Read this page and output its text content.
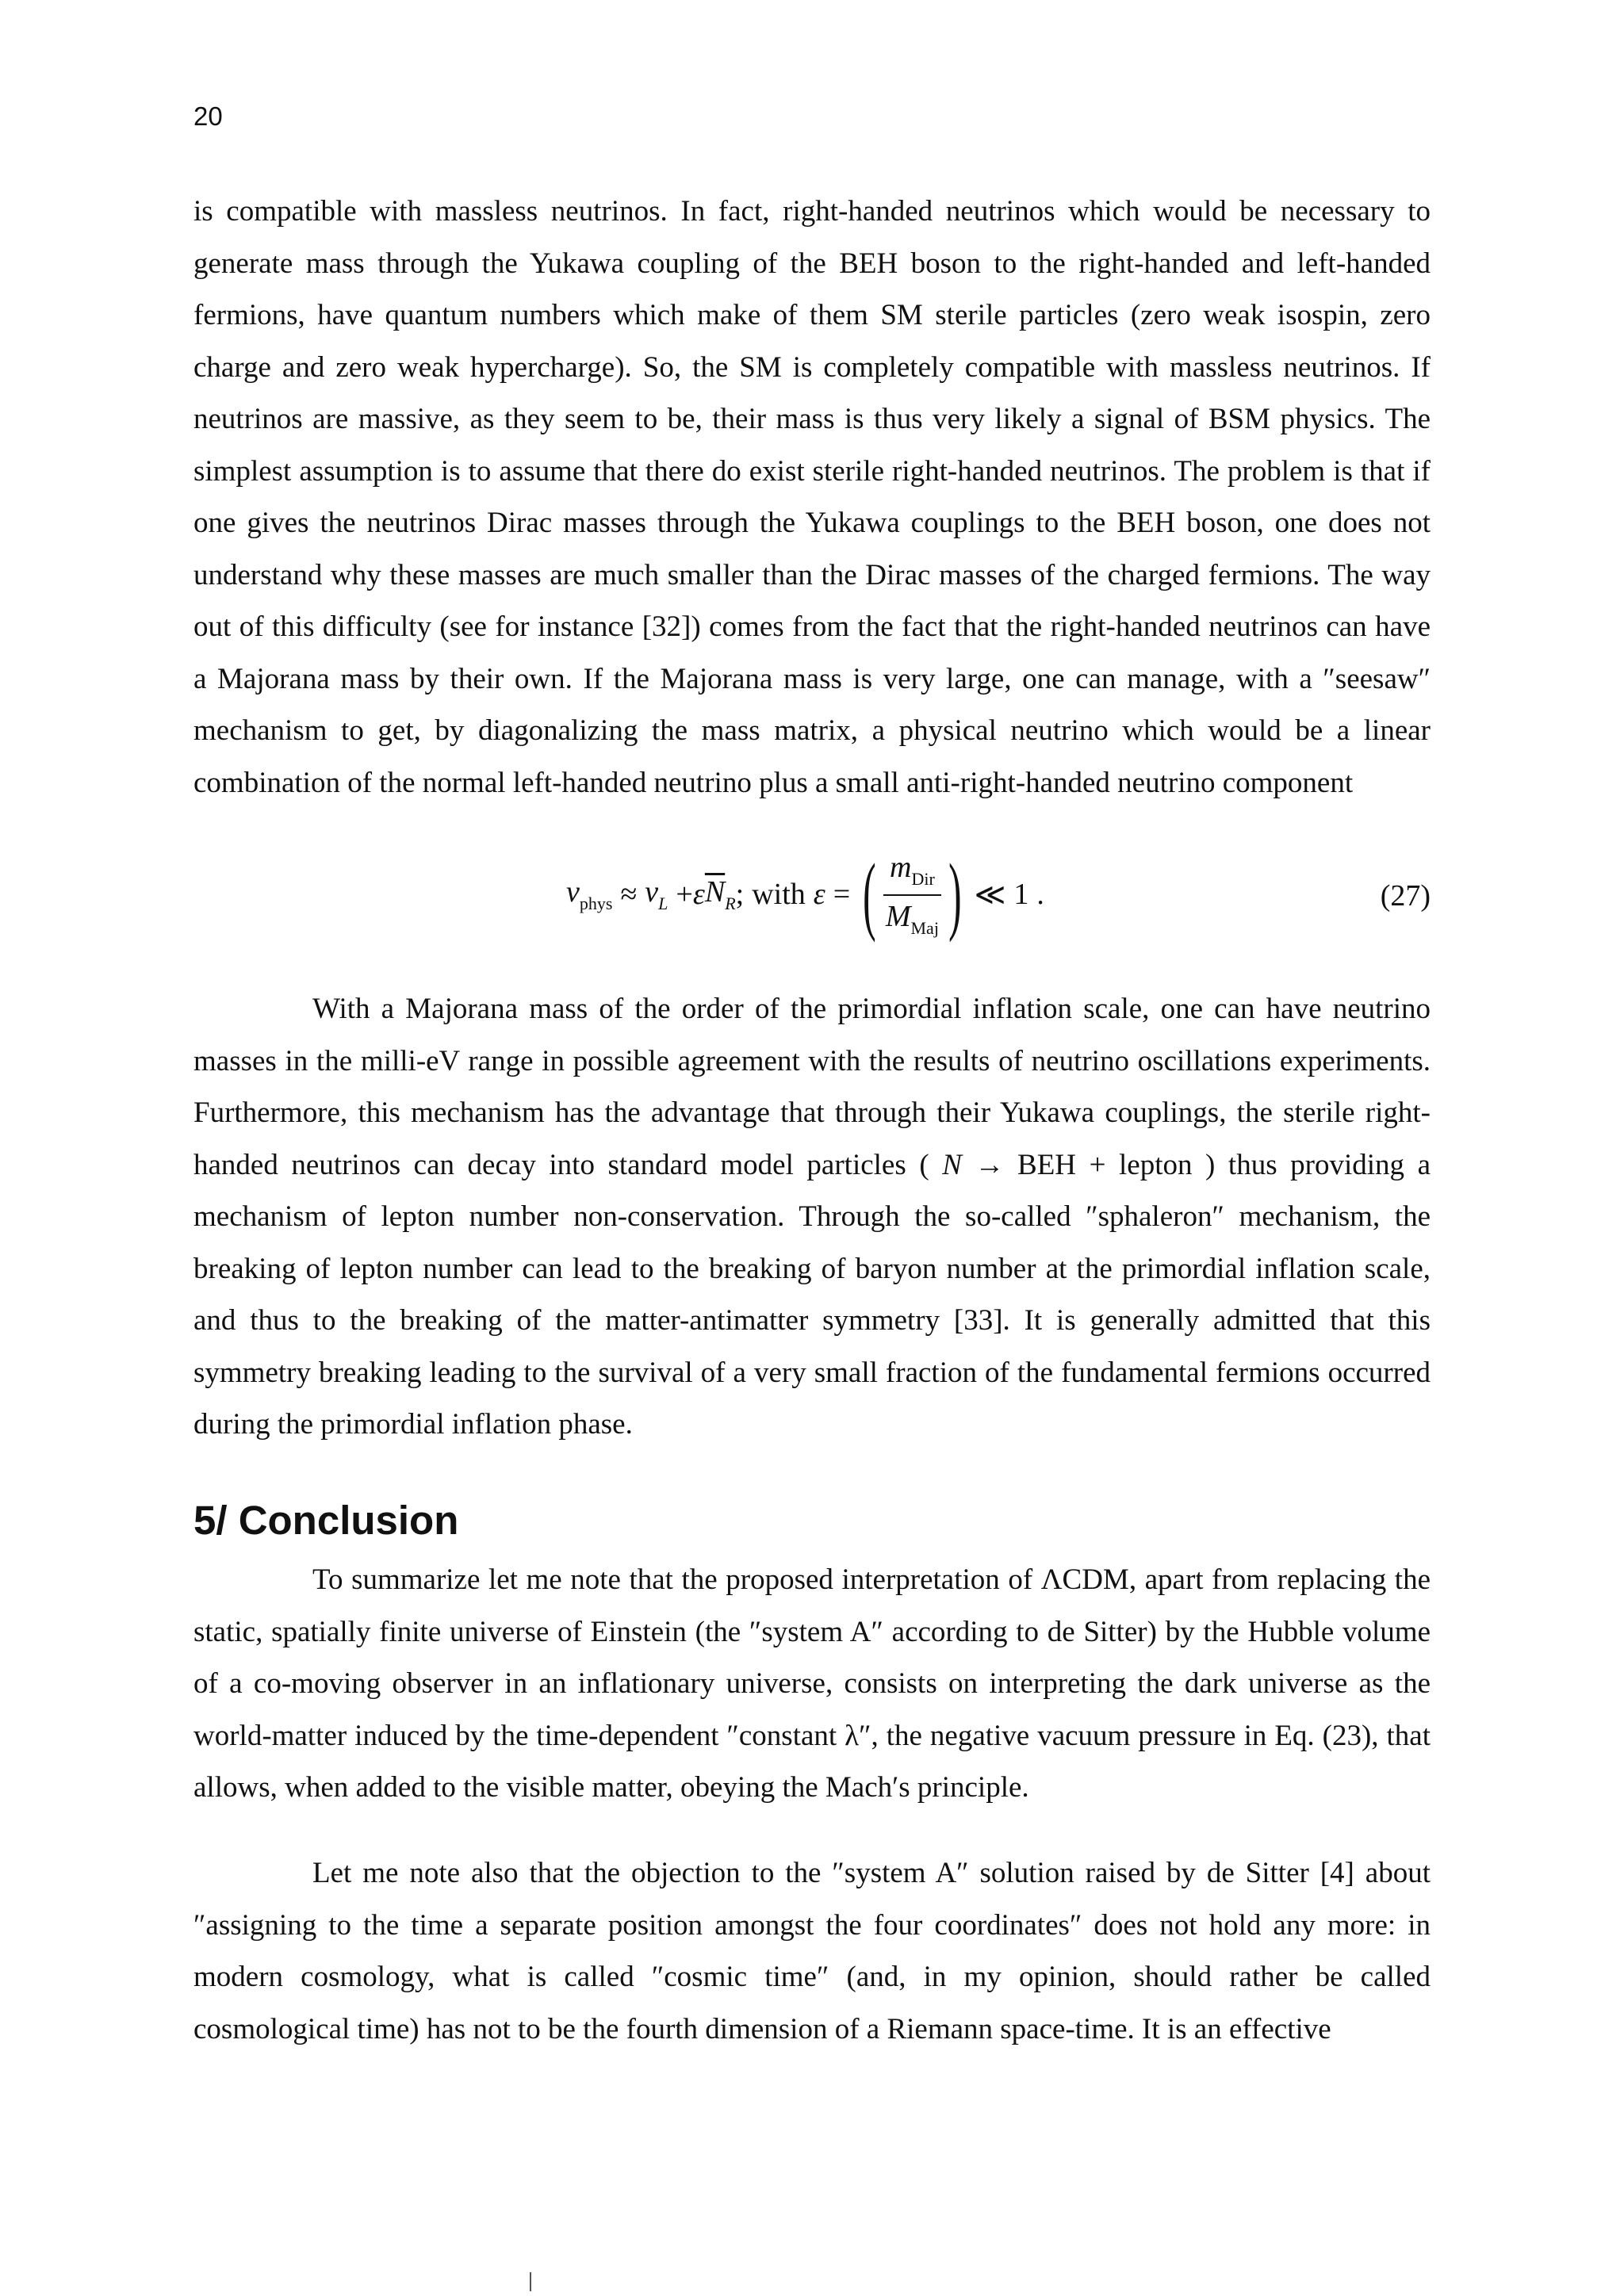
20

is compatible with massless neutrinos. In fact, right-handed neutrinos which would be necessary to generate mass through the Yukawa coupling of the BEH boson to the right-handed and left-handed fermions, have quantum numbers which make of them SM sterile particles (zero weak isospin, zero charge and zero weak hypercharge). So, the SM is completely compatible with massless neutrinos. If neutrinos are massive, as they seem to be, their mass is thus very likely a signal of BSM physics. The simplest assumption is to assume that there do exist sterile right-handed neutrinos. The problem is that if one gives the neutrinos Dirac masses through the Yukawa couplings to the BEH boson, one does not understand why these masses are much smaller than the Dirac masses of the charged fermions. The way out of this difficulty (see for instance [32]) comes from the fact that the right-handed neutrinos can have a Majorana mass by their own. If the Majorana mass is very large, one can manage, with a ″seesaw″ mechanism to get, by diagonalizing the mass matrix, a physical neutrino which would be a linear combination of the normal left-handed neutrino plus a small anti-right-handed neutrino component

$\nu_{phys} \approx \nu_L + \varepsilon$ $\overline{N}_R$ ; with ε = ( $\frac{m_{Dir}}{M_{Maj}}$ ) ≪ 1 .	(27)

With a Majorana mass of the order of the primordial inflation scale, one can have neutrino masses in the milli-eV range in possible agreement with the results of neutrino oscillations experiments. Furthermore, this mechanism has the advantage that through their Yukawa couplings, the sterile right-handed neutrinos can decay into standard model particles ( N → BEH + lepton ) thus providing a mechanism of lepton number non-conservation. Through the so-called ″sphaleron″ mechanism, the breaking of lepton number can lead to the breaking of baryon number at the primordial inflation scale, and thus to the breaking of the matter-antimatter symmetry [33]. It is generally admitted that this symmetry breaking leading to the survival of a very small fraction of the fundamental fermions occurred during the primordial inflation phase.

5/ Conclusion

To summarize let me note that the proposed interpretation of ΛCDM, apart from replacing the static, spatially finite universe of Einstein (the ″system A″ according to de Sitter) by the Hubble volume of a co-moving observer in an inflationary universe, consists on interpreting the dark universe as the world-matter induced by the time-dependent ″constant λ″, the negative vacuum pressure in Eq. (23), that allows, when added to the visible matter, obeying the Mach′s principle.

Let me note also that the objection to the ″system A″ solution raised by de Sitter [4] about ″assigning to the time a separate position amongst the four coordinates″ does not hold any more: in modern cosmology, what is called ″cosmic time″ (and, in my opinion, should rather be called cosmological time) has not to be the fourth dimension of a Riemann space-time. It is an effective
